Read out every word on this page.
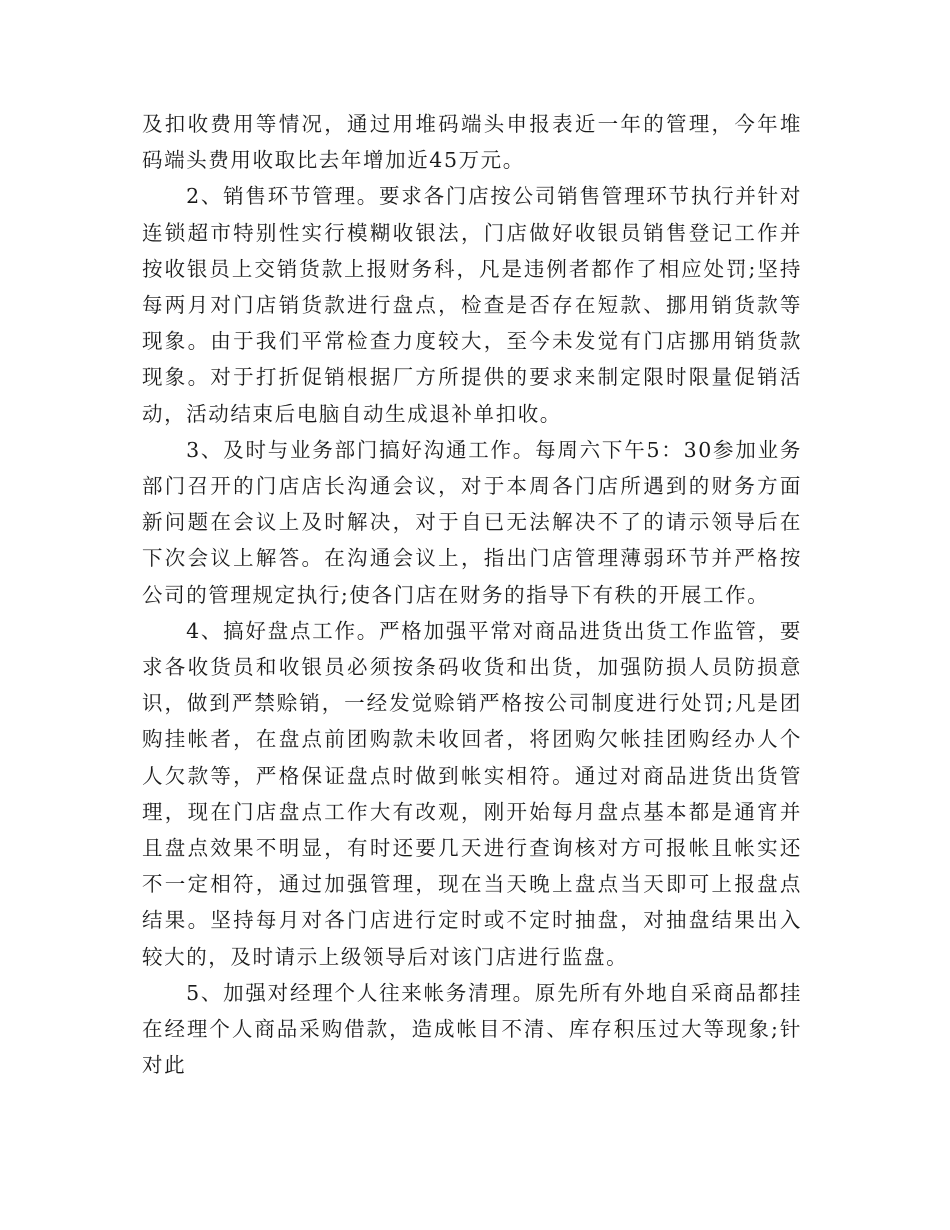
及扣收费用等情况，通过用堆码端头申报表近一年的管理，今年堆码端头费用收取比去年增加近45万元。

2、销售环节管理。要求各门店按公司销售管理环节执行并针对连锁超市特别性实行模糊收银法，门店做好收银员销售登记工作并按收银员上交销货款上报财务科，凡是违例者都作了相应处罚;坚持每两月对门店销货款进行盘点，检查是否存在短款、挪用销货款等现象。由于我们平常检查力度较大，至今未发觉有门店挪用销货款现象。对于打折促销根据厂方所提供的要求来制定限时限量促销活动，活动结束后电脑自动生成退补单扣收。

3、及时与业务部门搞好沟通工作。每周六下午5：30参加业务部门召开的门店店长沟通会议，对于本周各门店所遇到的财务方面新问题在会议上及时解决，对于自已无法解决不了的请示领导后在下次会议上解答。在沟通会议上，指出门店管理薄弱环节并严格按公司的管理规定执行;使各门店在财务的指导下有秩的开展工作。

4、搞好盘点工作。严格加强平常对商品进货出货工作监管，要求各收货员和收银员必须按条码收货和出货，加强防损人员防损意识，做到严禁赊销，一经发觉赊销严格按公司制度进行处罚;凡是团购挂帐者，在盘点前团购款未收回者，将团购欠帐挂团购经办人个人欠款等，严格保证盘点时做到帐实相符。通过对商品进货出货管理，现在门店盘点工作大有改观，刚开始每月盘点基本都是通宵并且盘点效果不明显，有时还要几天进行查询核对方可报帐且帐实还不一定相符，通过加强管理，现在当天晚上盘点当天即可上报盘点结果。坚持每月对各门店进行定时或不定时抽盘，对抽盘结果出入较大的，及时请示上级领导后对该门店进行监盘。

5、加强对经理个人往来帐务清理。原先所有外地自采商品都挂在经理个人商品采购借款，造成帐目不清、库存积压过大等现象;针对此
